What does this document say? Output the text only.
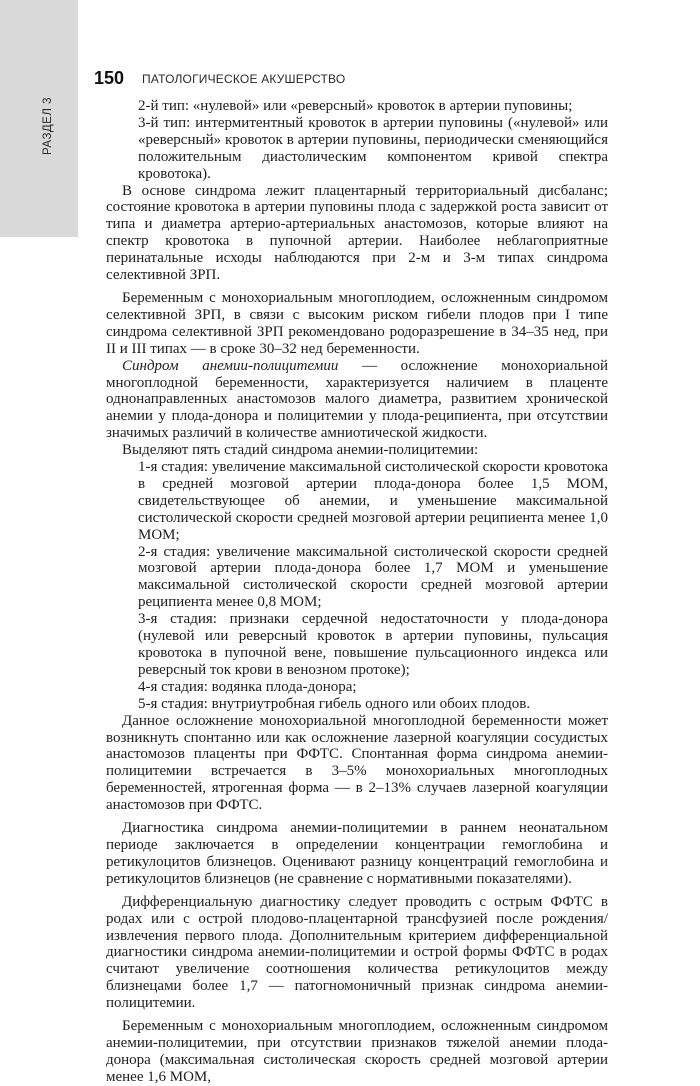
РАЗДЕЛ 3
150 ПАТОЛОГИЧЕСКОЕ АКУШЕРСТВО

2-й тип: «нулевой» или «реверсный» кровоток в артерии пуповины;

3-й тип: интермитентный кровоток в артерии пуповины («нулевой» или «реверсный» кровоток в артерии пуповины, периодически сменяющийся положительным диастолическим компонентом кривой спектра кровотока).

В основе синдрома лежит плацентарный территориальный дисбаланс; состояние кровотока в артерии пуповины плода с задержкой роста зависит от типа и диаметра артерио-артериальных анастомозов, которые влияют на спектр кровотока в пупочной артерии. Наиболее неблагоприятные перинатальные исходы наблюдаются при 2-м и 3-м типах синдрома селективной ЗРП.

Беременным с монохориальным многоплодием, осложненным синдромом селективной ЗРП, в связи с высоким риском гибели плодов при I типе синдрома селективной ЗРП рекомендовано родоразрешение в 34–35 нед, при II и III типах — в сроке 30–32 нед беременности.

Синдром анемии-полицитемии — осложнение монохориальной многоплодной беременности, характеризуется наличием в плаценте однонаправленных анастомозов малого диаметра, развитием хронической анемии у плода-донора и полицитемии у плода-реципиента, при отсутствии значимых различий в количестве амниотической жидкости.

Выделяют пять стадий синдрома анемии-полицитемии:

1-я стадия: увеличение максимальной систолической скорости кровотока в средней мозговой артерии плода-донора более 1,5 МОМ, свидетельствующее об анемии, и уменьшение максимальной систолической скорости средней мозговой артерии реципиента менее 1,0 МОМ;

2-я стадия: увеличение максимальной систолической скорости средней мозговой артерии плода-донора более 1,7 МОМ и уменьшение максимальной систолической скорости средней мозговой артерии реципиента менее 0,8 МОМ;

3-я стадия: признаки сердечной недостаточности у плода-донора (нулевой или реверсный кровоток в артерии пуповины, пульсация кровотока в пупочной вене, повышение пульсационного индекса или реверсный ток крови в венозном протоке);

4-я стадия: водянка плода-донора;

5-я стадия: внутриутробная гибель одного или обоих плодов.

Данное осложнение монохориальной многоплодной беременности может возникнуть спонтанно или как осложнение лазерной коагуляции сосудистых анастомозов плаценты при ФФТС. Спонтанная форма синдрома анемии-полицитемии встречается в 3–5% монохориальных многоплодных беременностей, ятрогенная форма — в 2–13% случаев лазерной коагуляции анастомозов при ФФТС.

Диагностика синдрома анемии-полицитемии в раннем неонатальном периоде заключается в определении концентрации гемоглобина и ретикулоцитов близнецов. Оценивают разницу концентраций гемоглобина и ретикулоцитов близнецов (не сравнение с нормативными показателями).

Дифференциальную диагностику следует проводить с острым ФФТС в родах или с острой плодово-плацентарной трансфузией после рождения/извлечения первого плода. Дополнительным критерием дифференциальной диагностики синдрома анемии-полицитемии и острой формы ФФТС в родах считают увеличение соотношения количества ретикулоцитов между близнецами более 1,7 — патогномоничный признак синдрома анемии-полицитемии.

Беременным с монохориальным многоплодием, осложненным синдромом анемии-полицитемии, при отсутствии признаков тяжелой анемии плода-донора (максимальная систолическая скорость средней мозговой артерии менее 1,6 МОМ,
